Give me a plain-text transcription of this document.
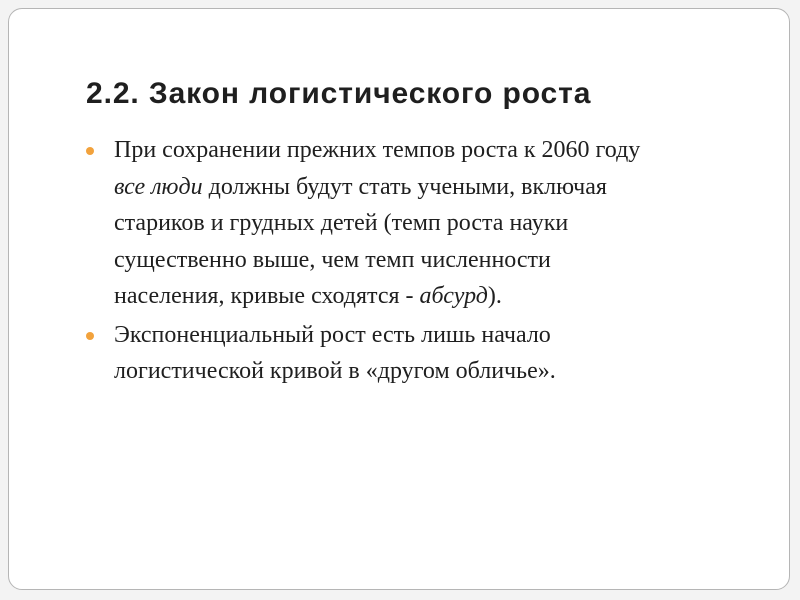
2.2. Закон логистического роста
При сохранении прежних темпов роста к 2060 году
все люди должны будут стать учеными, включая
стариков и грудных детей (темп роста науки
существенно выше, чем темп численности
населения, кривые сходятся - абсурд).
Экспоненциальный рост есть лишь начало
логистической кривой в «другом обличье».
